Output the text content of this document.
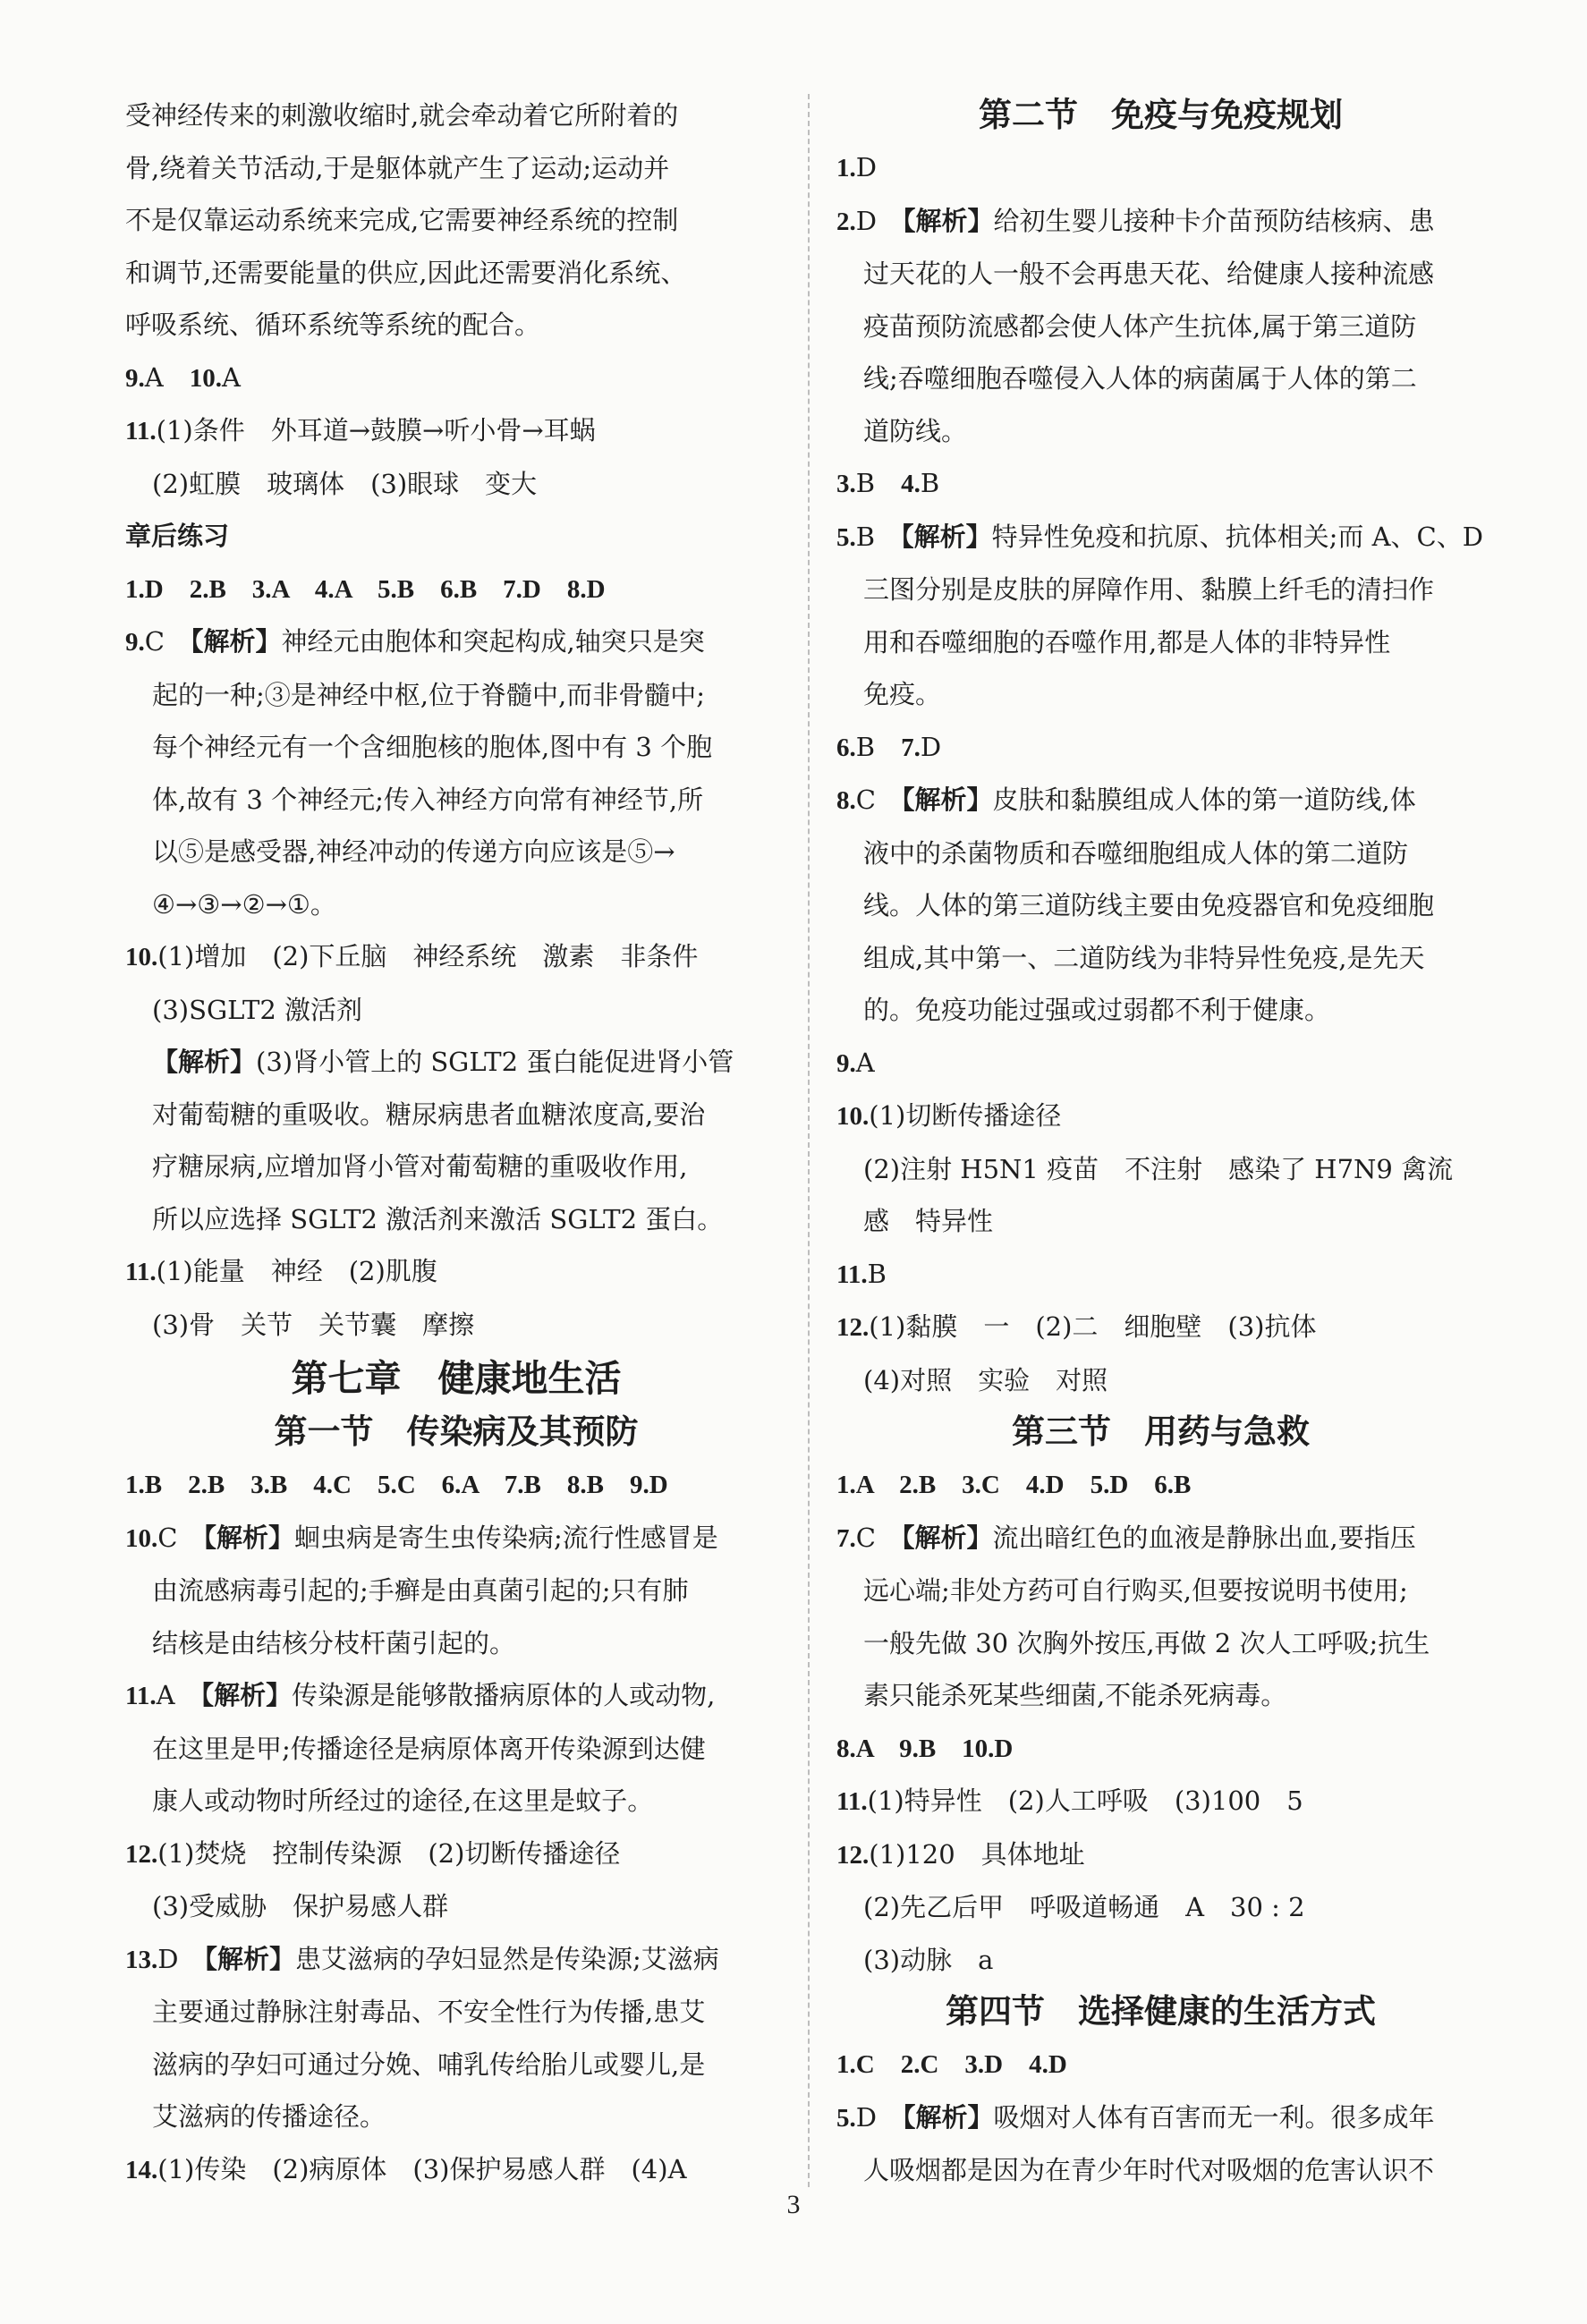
受神经传来的刺激收缩时,就会牵动着它所附着的
骨,绕着关节活动,于是躯体就产生了运动;运动并
不是仅靠运动系统来完成,它需要神经系统的控制
和调节,还需要能量的供应,因此还需要消化系统、
呼吸系统、循环系统等系统的配合。
9.A　10.A
11.(1)条件　外耳道→鼓膜→听小骨→耳蜗
(2)虹膜　玻璃体　(3)眼球　变大
章后练习
1.D　2.B　3.A　4.A　5.B　6.B　7.D　8.D
9.C　【解析】神经元由胞体和突起构成,轴突只是突
起的一种;③是神经中枢,位于脊髓中,而非骨髓中;
每个神经元有一个含细胞核的胞体,图中有 3 个胞
体,故有 3 个神经元;传入神经方向常有神经节,所
以⑤是感受器,神经冲动的传递方向应该是⑤→
④→③→②→①。
10.(1)增加　(2)下丘脑　神经系统　激素　非条件
(3)SGLT2 激活剂
【解析】(3)肾小管上的 SGLT2 蛋白能促进肾小管
对葡萄糖的重吸收。糖尿病患者血糖浓度高,要治
疗糖尿病,应增加肾小管对葡萄糖的重吸收作用,
所以应选择 SGLT2 激活剂来激活 SGLT2 蛋白。
11.(1)能量　神经　(2)肌腹
(3)骨　关节　关节囊　摩擦
第七章　健康地生活
第一节　传染病及其预防
1.B　2.B　3.B　4.C　5.C　6.A　7.B　8.B　9.D
10.C　【解析】蛔虫病是寄生虫传染病;流行性感冒是
由流感病毒引起的;手癣是由真菌引起的;只有肺
结核是由结核分枝杆菌引起的。
11.A　【解析】传染源是能够散播病原体的人或动物,
在这里是甲;传播途径是病原体离开传染源到达健
康人或动物时所经过的途径,在这里是蚊子。
12.(1)焚烧　控制传染源　(2)切断传播途径
(3)受威胁　保护易感人群
13.D　【解析】患艾滋病的孕妇显然是传染源;艾滋病
主要通过静脉注射毒品、不安全性行为传播,患艾
滋病的孕妇可通过分娩、哺乳传给胎儿或婴儿,是
艾滋病的传播途径。
14.(1)传染　(2)病原体　(3)保护易感人群　(4)A
第二节　免疫与免疫规划
1.D
2.D　【解析】给初生婴儿接种卡介苗预防结核病、患
过天花的人一般不会再患天花、给健康人接种流感
疫苗预防流感都会使人体产生抗体,属于第三道防
线;吞噬细胞吞噬侵入人体的病菌属于人体的第二
道防线。
3.B　4.B
5.B　【解析】特异性免疫和抗原、抗体相关;而 A、C、D
三图分别是皮肤的屏障作用、黏膜上纤毛的清扫作
用和吞噬细胞的吞噬作用,都是人体的非特异性
免疫。
6.B　7.D
8.C　【解析】皮肤和黏膜组成人体的第一道防线,体
液中的杀菌物质和吞噬细胞组成人体的第二道防
线。人体的第三道防线主要由免疫器官和免疫细胞
组成,其中第一、二道防线为非特异性免疫,是先天
的。免疫功能过强或过弱都不利于健康。
9.A
10.(1)切断传播途径
(2)注射 H5N1 疫苗　不注射　感染了 H7N9 禽流
感　特异性
11.B
12.(1)黏膜　一　(2)二　细胞壁　(3)抗体
(4)对照　实验　对照
第三节　用药与急救
1.A　2.B　3.C　4.D　5.D　6.B
7.C　【解析】流出暗红色的血液是静脉出血,要指压
远心端;非处方药可自行购买,但要按说明书使用;
一般先做 30 次胸外按压,再做 2 次人工呼吸;抗生
素只能杀死某些细菌,不能杀死病毒。
8.A　9.B　10.D
11.(1)特异性　(2)人工呼吸　(3)100　5
12.(1)120　具体地址
(2)先乙后甲　呼吸道畅通　A　30 : 2
(3)动脉　a
第四节　选择健康的生活方式
1.C　2.C　3.D　4.D
5.D　【解析】吸烟对人体有百害而无一利。很多成年
人吸烟都是因为在青少年时代对吸烟的危害认识不
3
